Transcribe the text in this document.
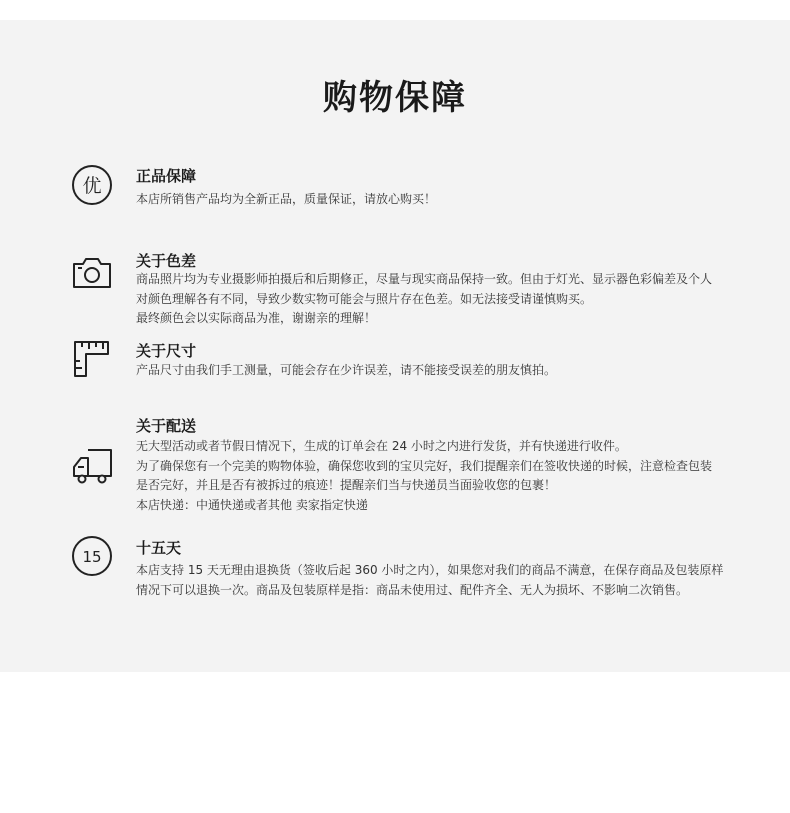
购物保障
优 正品保障
本店所销售产品均为全新正品，质量保证，请放心购买！
关于色差
商品照片均为专业摄影师拍摄后和后期修正，尽量与现实商品保持一致。但由于灯光、显示器色彩偏差及个人
对颜色理解各有不同，导致少数实物可能会与照片存在色差。如无法接受请谨慎购买。
最终颜色会以实际商品为准，谢谢亲的理解！
关于尺寸
产品尺寸由我们手工测量，可能会存在少许误差，请不能接受误差的朋友慎拍。
关于配送
无大型活动或者节假日情况下，生成的订单会在 24 小时之内进行发货，并有快递进行收件。
为了确保您有一个完美的购物体验，确保您收到的宝贝完好，我们提醒亲们在签收快递的时候，注意检查包装
是否完好，并且是否有被拆过的痕迹！提醒亲们当与快递员当面验收您的包裹！
本店快递：中通快递或者其他 卖家指定快递
15 十五天
本店支持 15 天无理由退换货（签收后起 360 小时之内），如果您对我们的商品不满意，在保存商品及包装原样
情况下可以退换一次。商品及包装原样是指：商品未使用过、配件齐全、无人为损坏、不影响二次销售。
